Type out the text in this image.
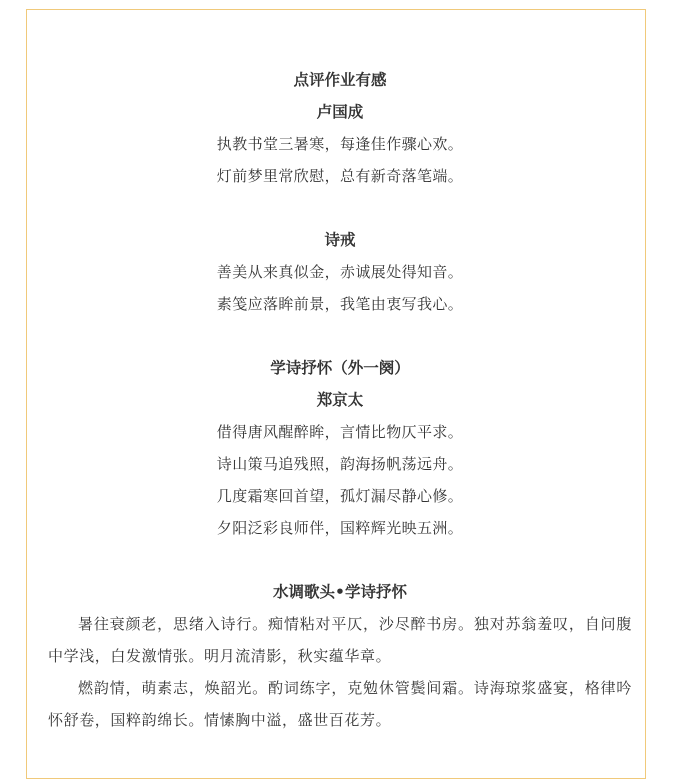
点评作业有感
卢国成
执教书堂三暑寒，每逢佳作骤心欢。
灯前梦里常欣慰，总有新奇落笔端。
诗戒
善美从来真似金，赤诚展处得知音。
素笺应落眸前景，我笔由衷写我心。
学诗抒怀（外一阕）
郑京太
借得唐风醒醉眸，言情比物仄平求。
诗山策马追残照，韵海扬帆荡远舟。
几度霜寒回首望，孤灯漏尽静心修。
夕阳泛彩良师伴，国粹辉光映五洲。
水调歌头•学诗抒怀
暑往衰颜老，思绪入诗行。痴情粘对平仄，沙尽醉书房。独对苏翁羞叹，自问腹中学浅，白发激情张。明月流清影，秋实蕴华章。
燃韵情，萌素志，焕韶光。酌词练字，克勉休管鬓间霜。诗海琼浆盛宴，格律吟怀舒卷，国粹韵绵长。情愫胸中溢，盛世百花芳。
